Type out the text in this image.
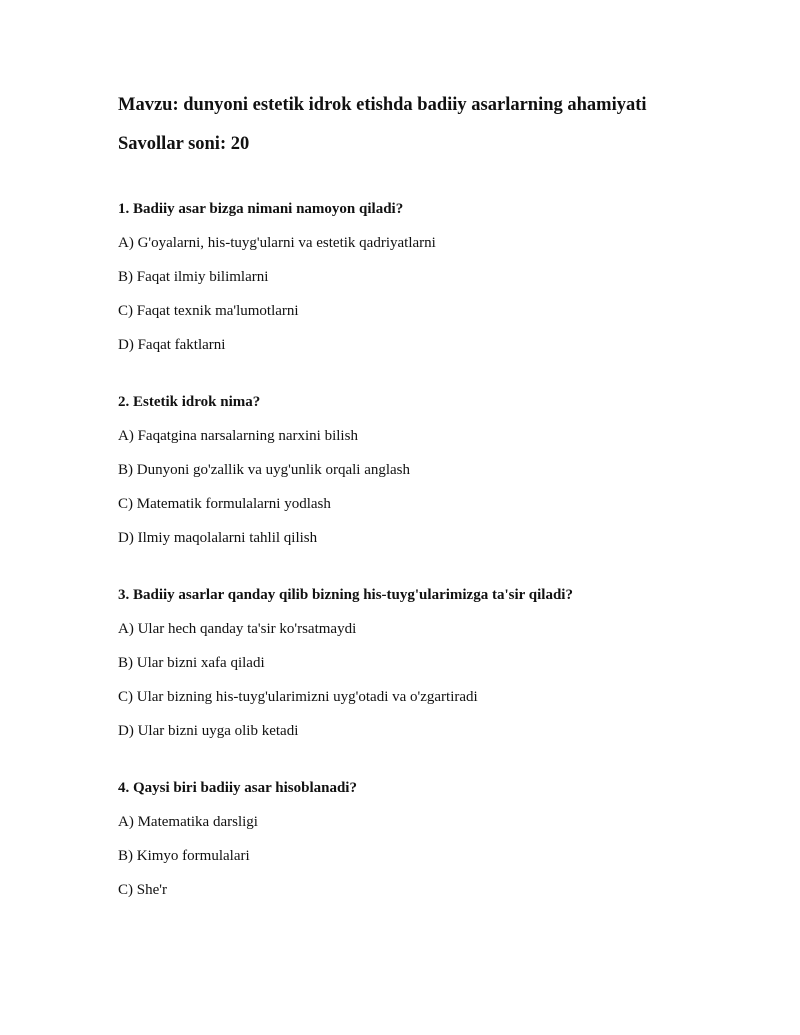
Mavzu: dunyoni estetik idrok etishda badiiy asarlarning ahamiyati

Savollar soni: 20

1. Badiiy asar bizga nimani namoyon qiladi?

A) G'oyalarni, his-tuyg'ularni va estetik qadriyatlarni

B) Faqat ilmiy bilimlarni

C) Faqat texnik ma'lumotlarni

D) Faqat faktlarni

2. Estetik idrok nima?

A) Faqatgina narsalarning narxini bilish

B) Dunyoni go'zallik va uyg'unlik orqali anglash

C) Matematik formulalarni yodlash

D) Ilmiy maqolalarni tahlil qilish

3. Badiiy asarlar qanday qilib bizning his-tuyg'ularimizga ta'sir qiladi?

A) Ular hech qanday ta'sir ko'rsatmaydi

B) Ular bizni xafa qiladi

C) Ular bizning his-tuyg'ularimizni uyg'otadi va o'zgartiradi

D) Ular bizni uyga olib ketadi

4. Qaysi biri badiiy asar hisoblanadi?

A) Matematika darsligi

B) Kimyo formulalari

C) She'r
